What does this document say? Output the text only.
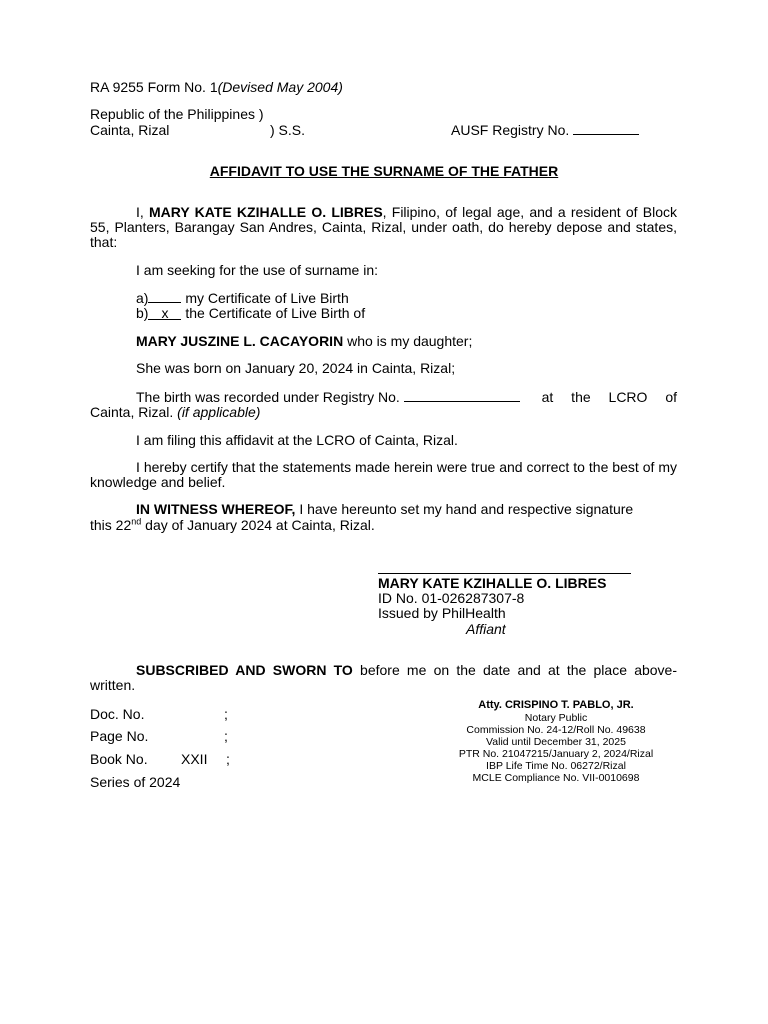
RA 9255 Form No. 1(Devised May 2004)
Republic of the Philippines )
Cainta, Rizal	) S.S.	AUSF Registry No.
AFFIDAVIT TO USE THE SURNAME OF THE FATHER
I, MARY KATE KZIHALLE O. LIBRES, Filipino, of legal age, and a resident of Block 55, Planters, Barangay San Andres, Cainta, Rizal, under oath, do hereby depose and states, that:
I am seeking for the use of surname in:
a)	my Certificate of Live Birth
b) x the Certificate of Live Birth of
MARY JUSZINE L. CACAYORIN who is my daughter;
She was born on January 20, 2024 in Cainta, Rizal;
The birth was recorded under Registry No.	at the LCRO of
Cainta, Rizal. (if applicable)
I am filing this affidavit at the LCRO of Cainta, Rizal.
I hereby certify that the statements made herein were true and correct to the best of my knowledge and belief.
IN WITNESS WHEREOF, I have hereunto set my hand and respective signature
this 22nd day of January 2024 at Cainta, Rizal.
MARY KATE KZIHALLE O. LIBRES
ID No. 01-026287307-8
Issued by PhilHealth
Affiant
SUBSCRIBED AND SWORN TO before me on the date and at the place above-written.
Doc. No.	;
Page No.	;
Book No. XXII ;
Series of 2024
Atty. CRISPINO T. PABLO, JR.
Notary Public
Commission No. 24-12/Roll No. 49638
Valid until December 31, 2025
PTR No. 21047215/January 2, 2024/Rizal
IBP Life Time No. 06272/Rizal
MCLE Compliance No. VII-0010698
